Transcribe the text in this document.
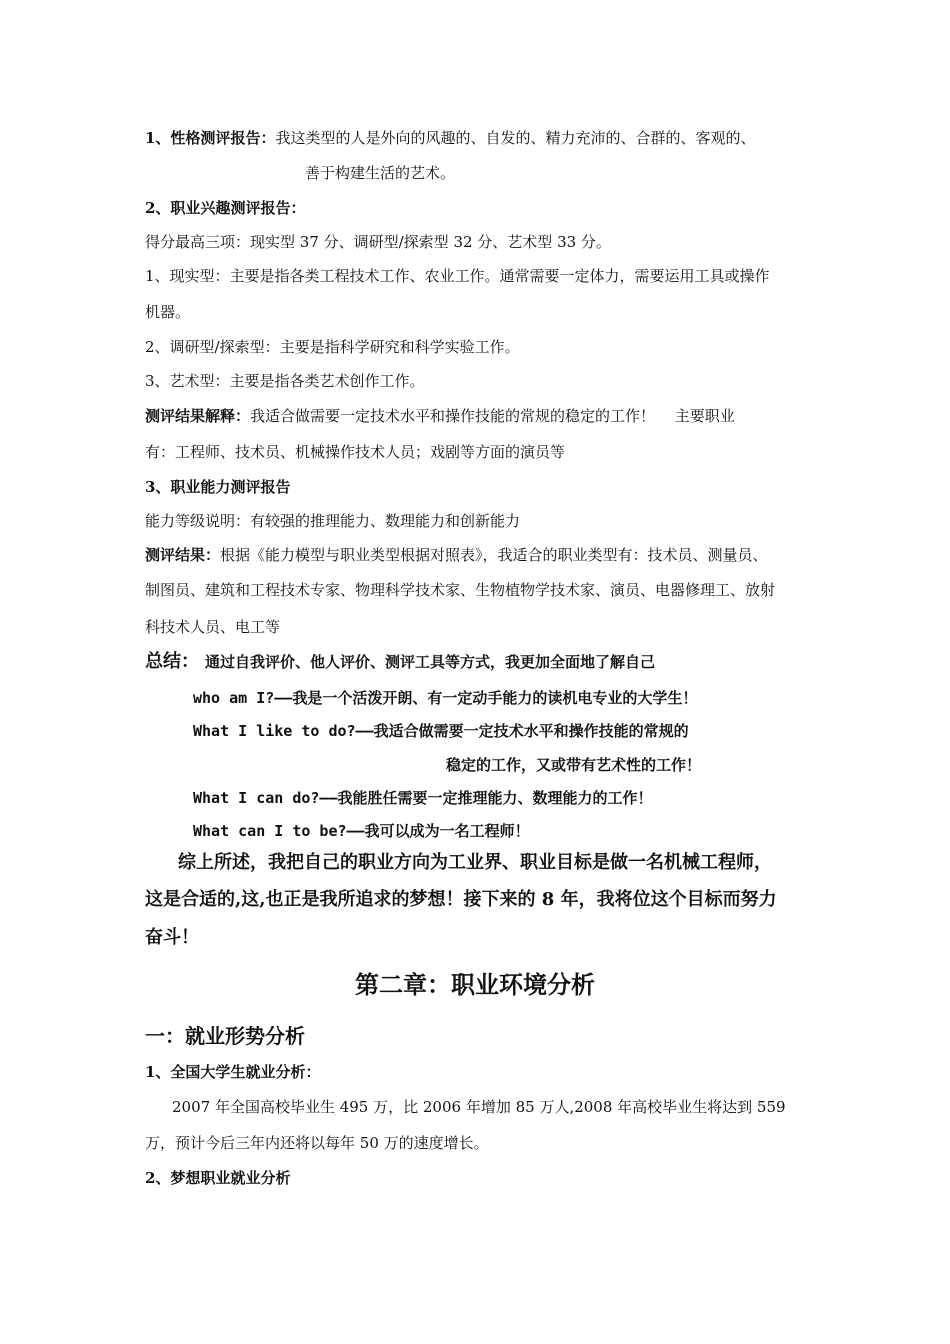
1、性格测评报告：我这类型的人是外向的风趣的、自发的、精力充沛的、合群的、客观的、
善于构建生活的艺术。
2、职业兴趣测评报告：
得分最高三项：现实型 37 分、调研型/探索型 32 分、艺术型 33 分。
1、现实型：主要是指各类工程技术工作、农业工作。通常需要一定体力，需要运用工具或操作
机器。
2、调研型/探索型：主要是指科学研究和科学实验工作。
3、艺术型：主要是指各类艺术创作工作。
测评结果解释：我适合做需要一定技术水平和操作技能的常规的稳定的工作！　 主要职业
有：工程师、技术员、机械操作技术人员；戏剧等方面的演员等
3、职业能力测评报告
能力等级说明：有较强的推理能力、数理能力和创新能力
测评结果：根据《能力模型与职业类型根据对照表》，我适合的职业类型有：技术员、测量员、
制图员、建筑和工程技术专家、物理科学技术家、生物植物学技术家、演员、电器修理工、放射
科技术人员、电工等
总结： 通过自我评价、他人评价、测评工具等方式，我更加全面地了解自己
who am I?——我是一个活泼开朗、有一定动手能力的读机电专业的大学生！
What I like to do?——我适合做需要一定技术水平和操作技能的常规的
稳定的工作，又或带有艺术性的工作！
What I can do?——我能胜任需要一定推理能力、数理能力的工作！
What can I to be?——我可以成为一名工程师！
综上所述，我把自己的职业方向为工业界、职业目标是做一名机械工程师，
这是合适的,这,也正是我所追求的梦想！接下来的 8 年，我将位这个目标而努力
奋斗！
第二章：职业环境分析
一：就业形势分析
1、全国大学生就业分析：
2007 年全国高校毕业生 495 万，比 2006 年增加 85 万人,2008 年高校毕业生将达到 559
万，预计今后三年内还将以每年 50 万的速度增长。
2、梦想职业就业分析
